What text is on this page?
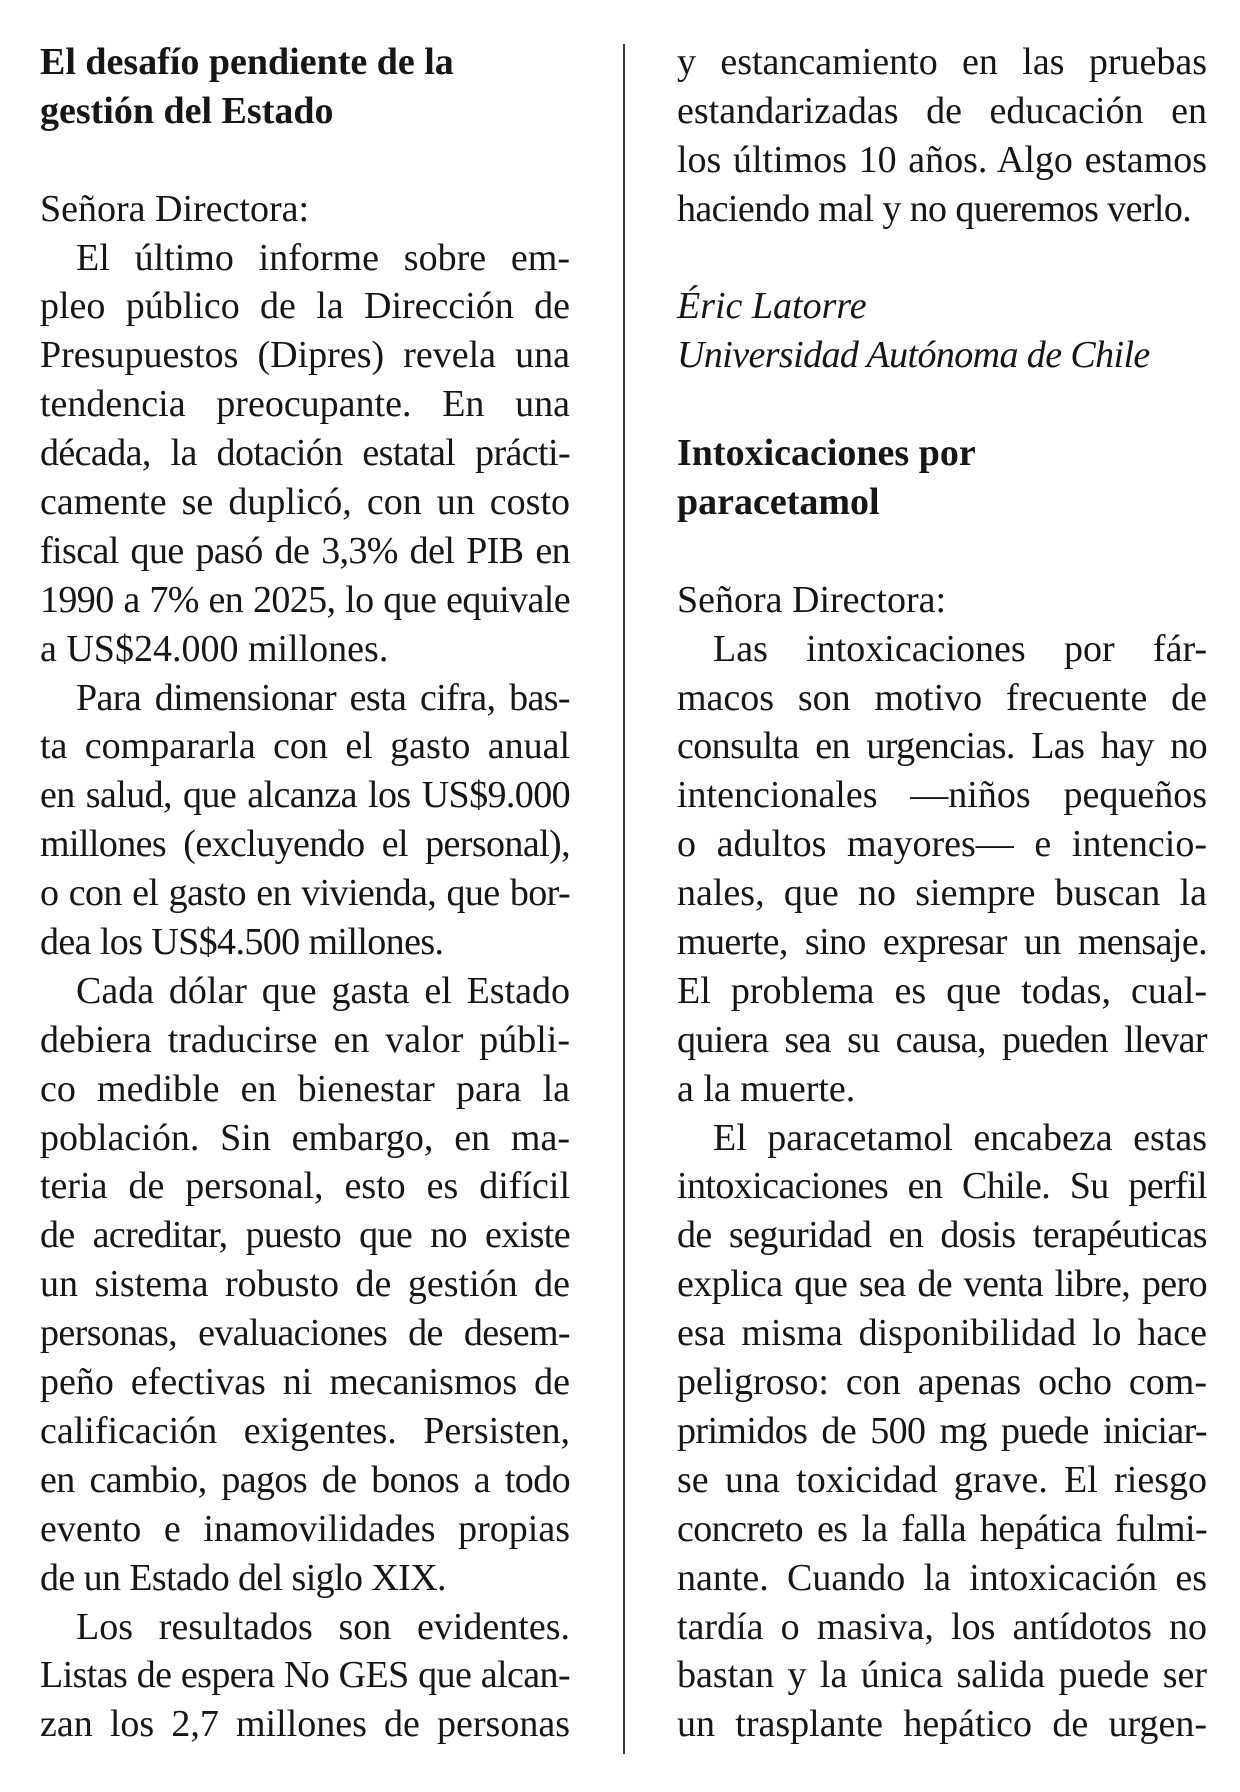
El desafío pendiente de la
gestión del Estado
Señora Directora:
El último informe sobre em-
pleo público de la Dirección de
Presupuestos (Dipres) revela una
tendencia preocupante. En una
década, la dotación estatal prácti-
camente se duplicó, con un costo
fiscal que pasó de 3,3% del PIB en
1990 a 7% en 2025, lo que equivale
a US$24.000 millones.
Para dimensionar esta cifra, bas-
ta compararla con el gasto anual
en salud, que alcanza los US$9.000
millones (excluyendo el personal),
o con el gasto en vivienda, que bor-
dea los US$4.500 millones.
Cada dólar que gasta el Estado
debiera traducirse en valor públi-
co medible en bienestar para la
población. Sin embargo, en ma-
teria de personal, esto es difícil
de acreditar, puesto que no existe
un sistema robusto de gestión de
personas, evaluaciones de desem-
peño efectivas ni mecanismos de
calificación exigentes. Persisten,
en cambio, pagos de bonos a todo
evento e inamovilidades propias
de un Estado del siglo XIX.
Los resultados son evidentes.
Listas de espera No GES que alcan-
zan los 2,7 millones de personas
y estancamiento en las pruebas
estandarizadas de educación en
los últimos 10 años. Algo estamos
haciendo mal y no queremos verlo.
Éric Latorre
Universidad Autónoma de Chile
Intoxicaciones por
paracetamol
Señora Directora:
Las intoxicaciones por fár-
macos son motivo frecuente de
consulta en urgencias. Las hay no
intencionales —niños pequeños
o adultos mayores— e intencio-
nales, que no siempre buscan la
muerte, sino expresar un mensaje.
El problema es que todas, cual-
quiera sea su causa, pueden llevar
a la muerte.
El paracetamol encabeza estas
intoxicaciones en Chile. Su perfil
de seguridad en dosis terapéuticas
explica que sea de venta libre, pero
esa misma disponibilidad lo hace
peligroso: con apenas ocho com-
primidos de 500 mg puede iniciar-
se una toxicidad grave. El riesgo
concreto es la falla hepática fulmi-
nante. Cuando la intoxicación es
tardía o masiva, los antídotos no
bastan y la única salida puede ser
un trasplante hepático de urgen-
